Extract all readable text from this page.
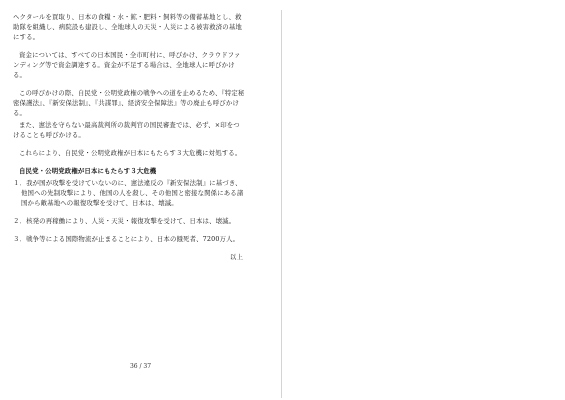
ヘクタールを買取り、日本の食糧・水・鉱・肥料・飼料等の備蓄基地とし、救助隊を組織し、病院設も建設し、全地球人の天災・人災による被害救済の基地にする。

資金については、すべての日本国民・全市町村に、呼びかけ、クラウドファンディング等で資金調達する。資金が不足する場合は、全地球人に呼びかける。

この呼びかけの際、自民党・公明党政権の戦争への道を止めるため、『特定秘密保護法』、『新安保法制』、『共謀罪』、経済安全保障法』等の廃止も呼びかける。

また、憲法を守らない最高裁判所の裁判官の国民審査では、必ず、×印をつけることも呼びかける。

これらにより、自民党・公明党政権が日本にもたらす３大危機に対処する。

自民党・公明党政権が日本にもたらす３大危機

１．我が国が攻撃を受けていないのに、憲法違反の『新安保法制』に基づき、他国への先制攻撃により、他国の人を殺し、その他国と密接な関係にある諸国から敵基地への報復攻撃を受けて、日本は、壊滅。

２．核発の再稼働により、人災・天災・報復攻撃を受けて、日本は、壊滅。

３．戦争等による国際物流が止まることにより、日本の餓死者、7200万人。

以上

36 / 37
